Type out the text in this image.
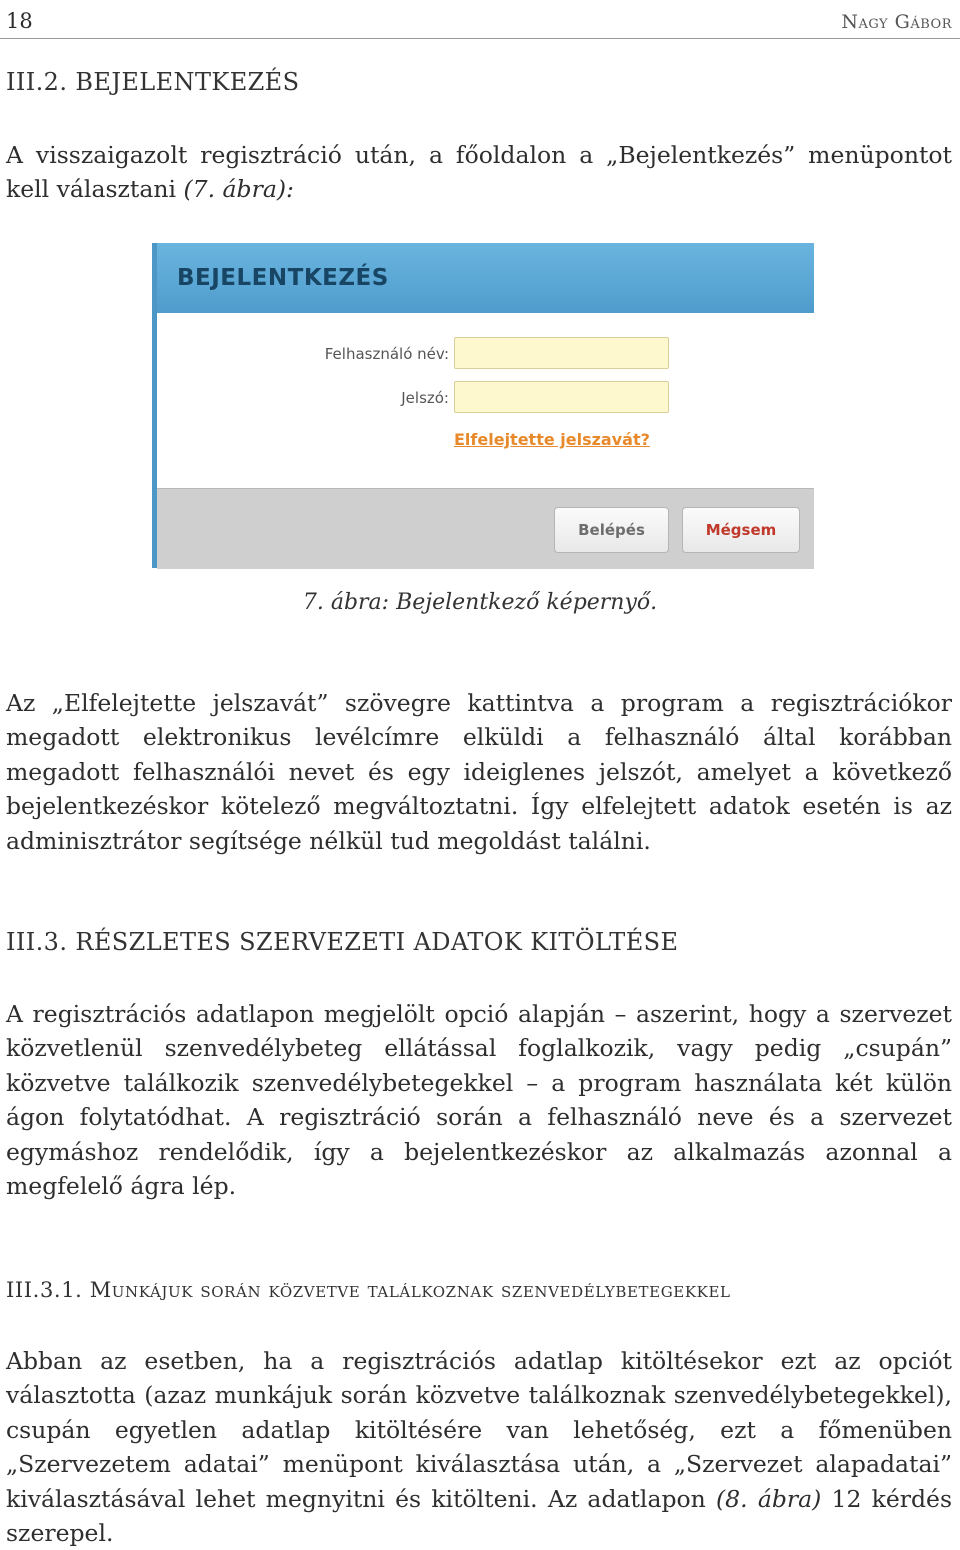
18	Nagy Gábor
III.2. BEJELENTKEZÉS

A visszaigazolt regisztráció után, a főoldalon a „Bejelentkezés” menüpontot kell választani (7. ábra):

BEJELENTKEZÉS
Felhasználó név:
Jelszó:
Elfelejtette jelszavát?
Belépés	Mégsem
7. ábra: Bejelentkező képernyő.

Az „Elfelejtette jelszavát” szövegre kattintva a program a regisztrációkor megadott elektronikus levélcímre elküldi a felhasználó által korábban megadott felhasználói nevet és egy ideiglenes jelszót, amelyet a következő bejelentkezéskor kötelező megváltoztatni. Így elfelejtett adatok esetén is az adminisztrátor segítsége nélkül tud megoldást találni.

III.3. RÉSZLETES SZERVEZETI ADATOK KITÖLTÉSE

A regisztrációs adatlapon megjelölt opció alapján – aszerint, hogy a szervezet közvetlenül szenvedélybeteg ellátással foglalkozik, vagy pedig „csupán” közvetve találkozik szenvedélybetegekkel – a program használata két külön ágon folytatódhat. A regisztráció során a felhasználó neve és a szervezet egymáshoz rendelődik, így a bejelentkezéskor az alkalmazás azonnal a megfelelő ágra lép.

III.3.1. Munkájuk során közvetve találkoznak szenvedélybetegekkel

Abban az esetben, ha a regisztrációs adatlap kitöltésekor ezt az opciót választotta (azaz munkájuk során közvetve találkoznak szenvedélybetegekkel), csupán egyetlen adatlap kitöltésére van lehetőség, ezt a főmenüben „Szervezetem adatai” menüpont kiválasztása után, a „Szervezet alapadatai” kiválasztásával lehet megnyitni és kitölteni. Az adatlapon (8. ábra) 12 kérdés szerepel.
